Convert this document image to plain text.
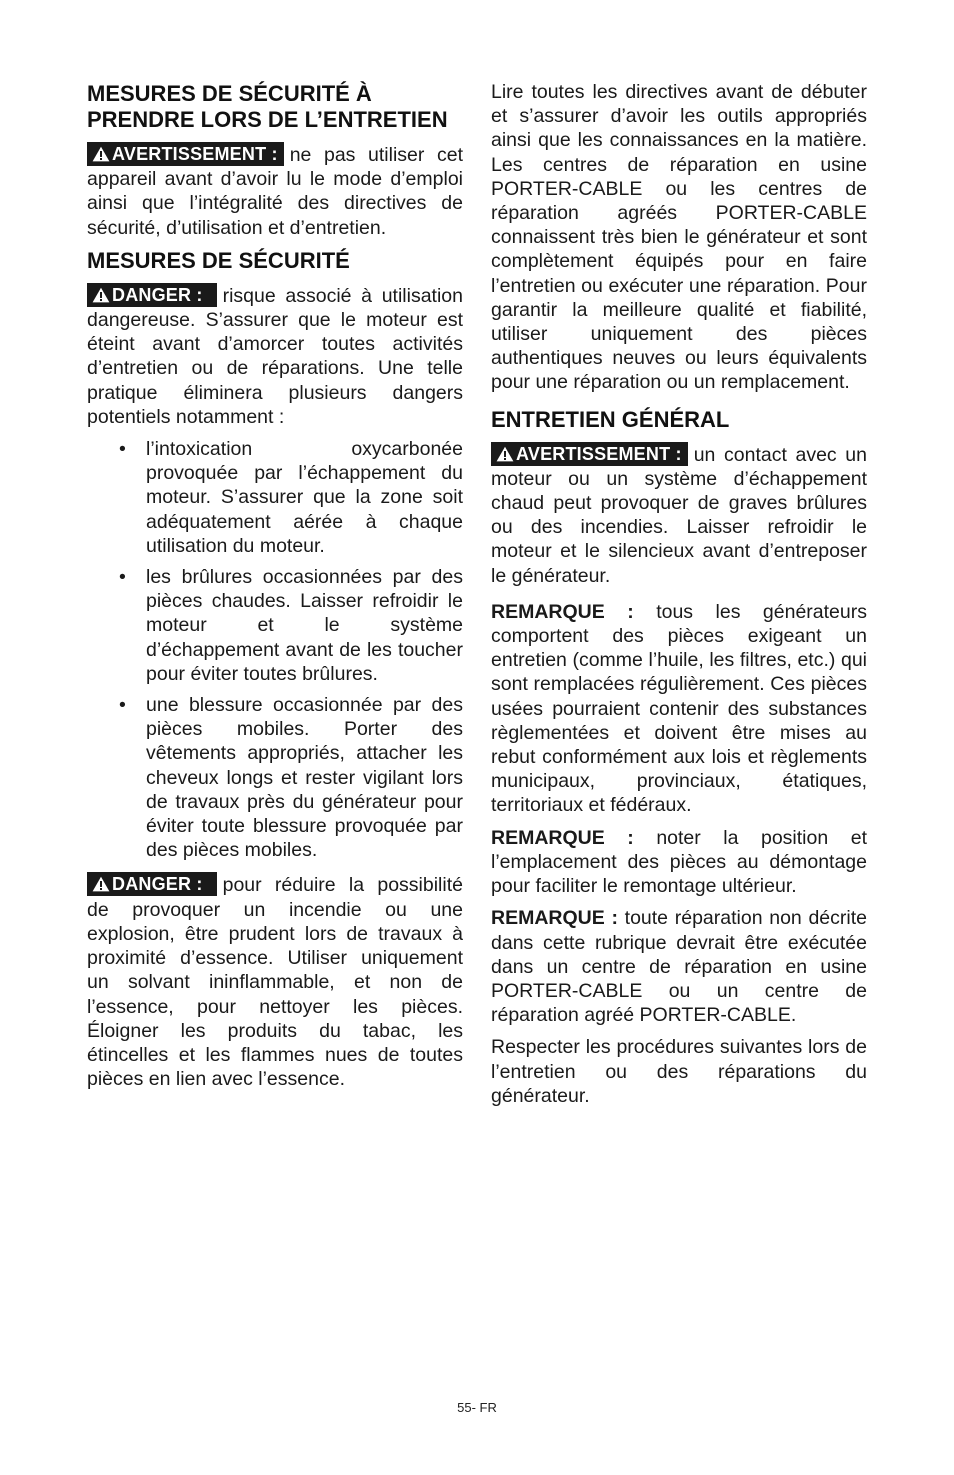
MESURES DE SÉCURITÉ À PRENDRE LORS DE L’ENTRETIEN

AVERTISSEMENT : ne pas utiliser cet appareil avant d’avoir lu le mode d’emploi ainsi que l’intégralité des directives de sécurité, d’utilisation et d’entretien.

MESURES DE SÉCURITÉ

DANGER : risque associé à utilisation dangereuse. S’assurer que le moteur est éteint avant d’amorcer toutes activités d’entretien ou de réparations. Une telle pratique éliminera plusieurs dangers potentiels notamment :

• l’intoxication oxycarbonée provoquée par l’échappement du moteur. S’assurer que la zone soit adéquatement aérée à chaque utilisation du moteur.

• les brûlures occasionnées par des pièces chaudes. Laisser refroidir le moteur et le système d’échappement avant de les toucher pour éviter toutes brûlures.

• une blessure occasionnée par des pièces mobiles. Porter des vêtements appropriés, attacher les cheveux longs et rester vigilant lors de travaux près du générateur pour éviter toute blessure provoquée par des pièces mobiles.

DANGER : pour réduire la possibilité de provoquer un incendie ou une explosion, être prudent lors de travaux à proximité d’essence. Utiliser uniquement un solvant ininflammable, et non de l’essence, pour nettoyer les pièces. Éloigner les produits du tabac, les étincelles et les flammes nues de toutes pièces en lien avec l’essence.

Lire toutes les directives avant de débuter et s’assurer d’avoir les outils appropriés ainsi que les connaissances en la matière. Les centres de réparation en usine PORTER-CABLE ou les centres de réparation agréés PORTER-CABLE connaissent très bien le générateur et sont complètement équipés pour en faire l’entretien ou exécuter une réparation. Pour garantir la meilleure qualité et fiabilité, utiliser uniquement des pièces authentiques neuves ou leurs équivalents pour une réparation ou un remplacement.

ENTRETIEN GÉNÉRAL

AVERTISSEMENT : un contact avec un moteur ou un système d’échappement chaud peut provoquer de graves brûlures ou des incendies. Laisser refroidir le moteur et le silencieux avant d’entreposer le générateur.

REMARQUE : tous les générateurs comportent des pièces exigeant un entretien (comme l’huile, les filtres, etc.) qui sont remplacées régulièrement. Ces pièces usées pourraient contenir des substances règlementées et doivent être mises au rebut conformément aux lois et règlements municipaux, provinciaux, étatiques, territoriaux et fédéraux.

REMARQUE : noter la position et l’emplacement des pièces au démontage pour faciliter le remontage ultérieur.

REMARQUE : toute réparation non décrite dans cette rubrique devrait être exécutée dans un centre de réparation en usine PORTER-CABLE ou un centre de réparation agréé PORTER-CABLE.

Respecter les procédures suivantes lors de l’entretien ou des réparations du générateur.

55- FR
